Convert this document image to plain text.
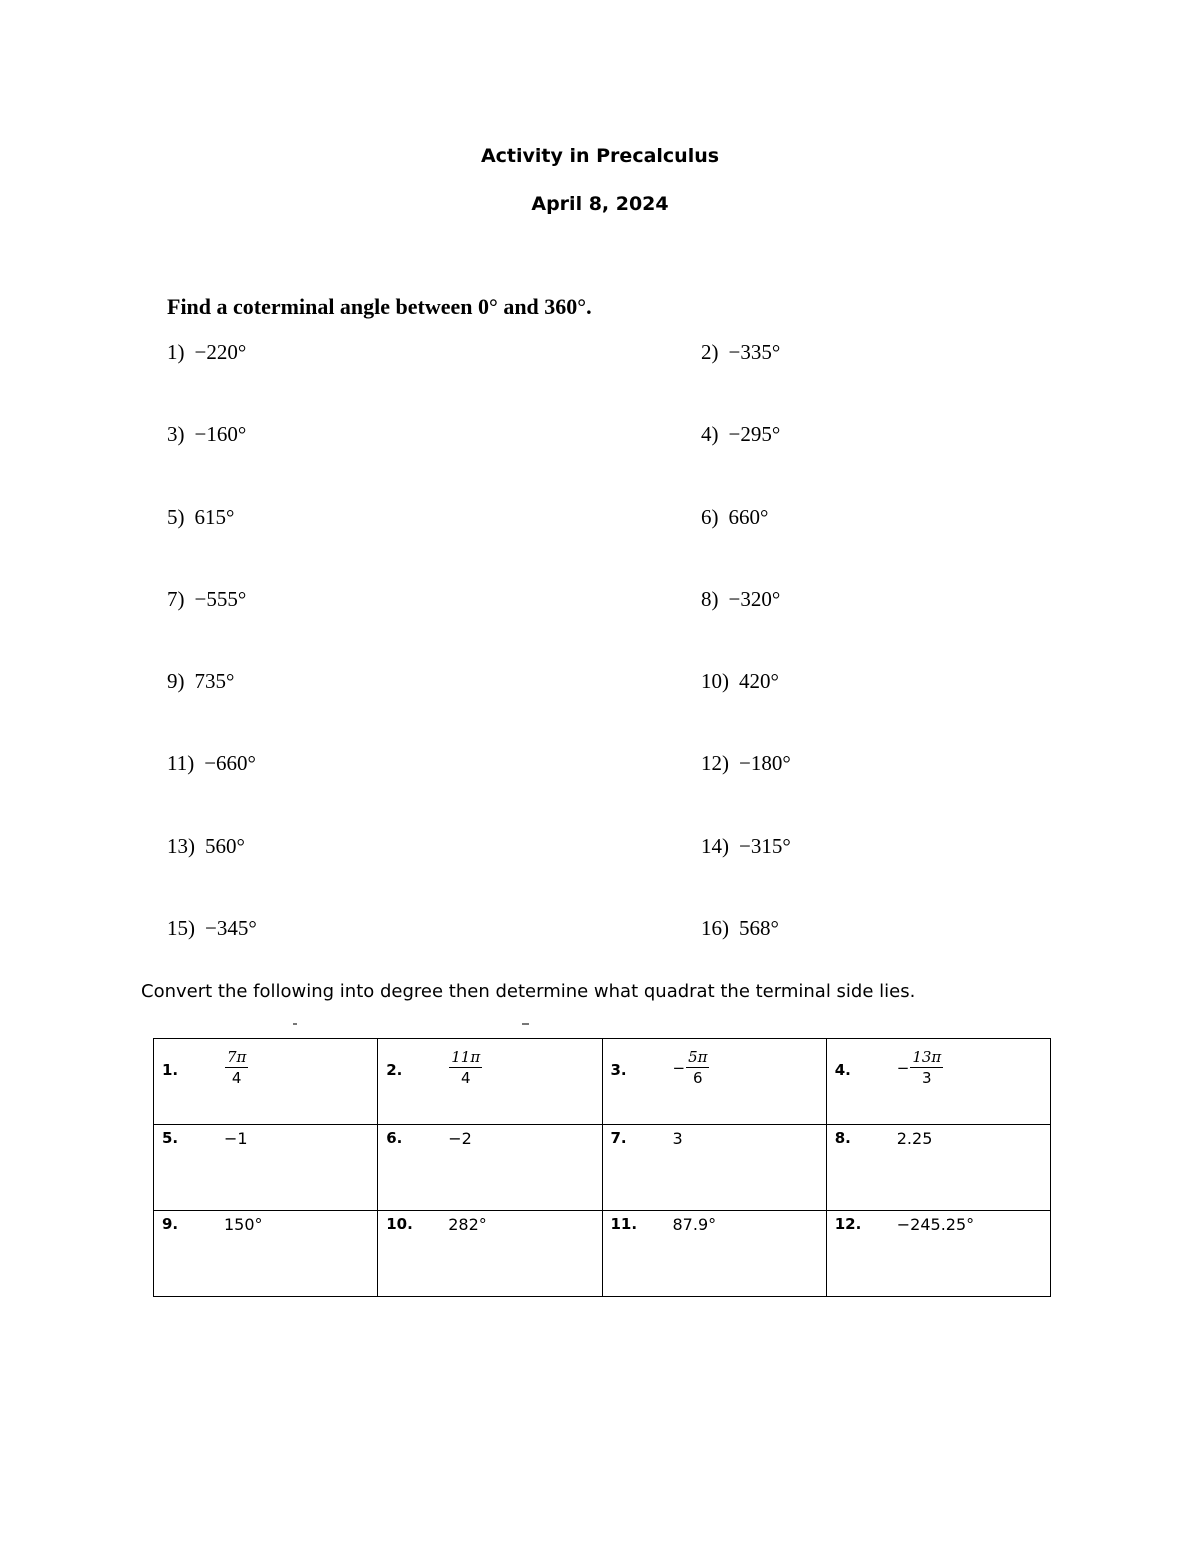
Activity in Precalculus
April 8, 2024
Find a coterminal angle between 0° and 360°.
1) −220°	2) −335°
3) −160°	4) −295°
5) 615°	6) 660°
7) −555°	8) −320°
9) 735°	10) 420°
11) −660°	12) −180°
13) 560°	14) −315°
15) −345°	16) 568°
Convert the following into degree then determine what quadrat the terminal side lies.
1. $\frac{7\pi}{4}$	2. $\frac{11\pi}{4}$	3. − $\frac{5\pi}{6}$	4. − $\frac{13\pi}{3}$

5. −1	6. −2	7. 3	8. 2.25

9. 150°	10. 282°	11. 87.9°	12. −245.25°
